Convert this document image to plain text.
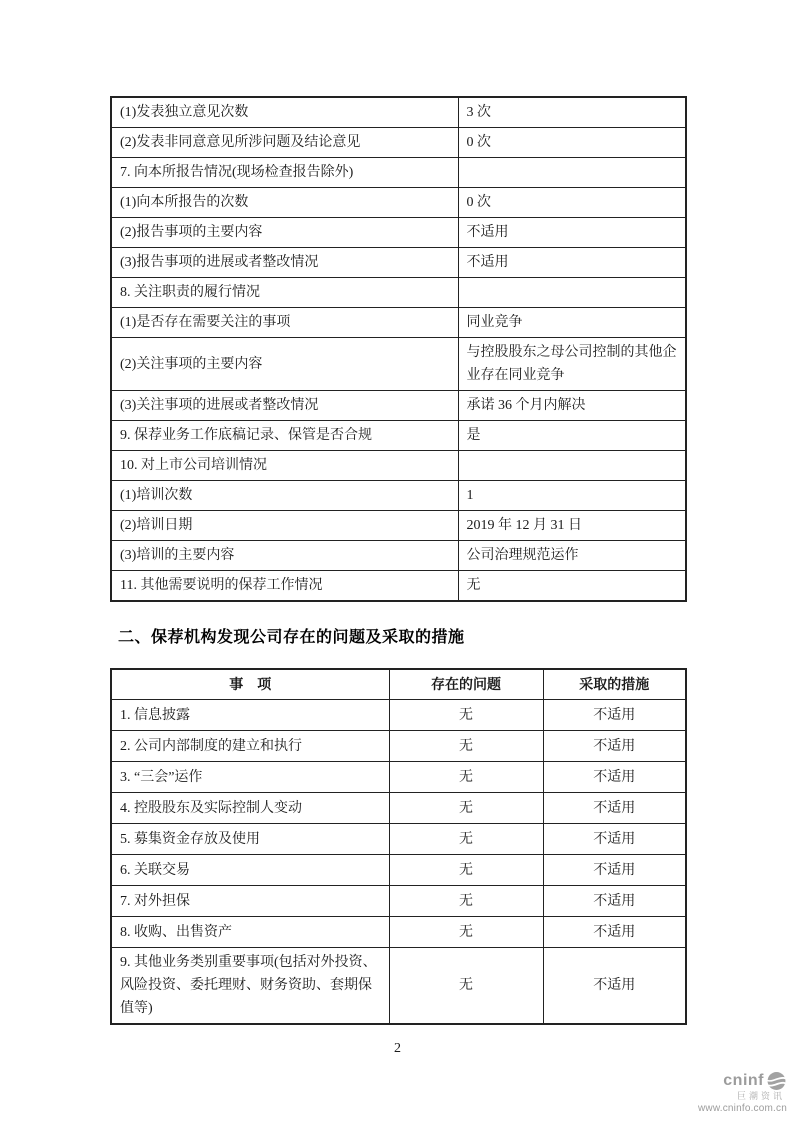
(1)发表独立意见次数	3 次
(2)发表非同意意见所涉问题及结论意见	0 次
7. 向本所报告情况(现场检查报告除外)	
(1)向本所报告的次数	0 次
(2)报告事项的主要内容	不适用
(3)报告事项的进展或者整改情况	不适用
8. 关注职责的履行情况	
(1)是否存在需要关注的事项	同业竞争
(2)关注事项的主要内容	与控股股东之母公司控制的其他企业存在同业竞争
(3)关注事项的进展或者整改情况	承诺 36 个月内解决
9. 保荐业务工作底稿记录、保管是否合规	是
10. 对上市公司培训情况	
(1)培训次数	1
(2)培训日期	2019 年 12 月 31 日
(3)培训的主要内容	公司治理规范运作
11. 其他需要说明的保荐工作情况	无
二、保荐机构发现公司存在的问题及采取的措施
事　项	存在的问题	采取的措施
1. 信息披露	无	不适用
2. 公司内部制度的建立和执行	无	不适用
3. “三会”运作	无	不适用
4. 控股股东及实际控制人变动	无	不适用
5. 募集资金存放及使用	无	不适用
6. 关联交易	无	不适用
7. 对外担保	无	不适用
8. 收购、出售资产	无	不适用
9. 其他业务类别重要事项(包括对外投资、风险投资、委托理财、财务资助、套期保值等)	无	不适用
2
cninf
巨潮资讯
www.cninfo.com.cn
